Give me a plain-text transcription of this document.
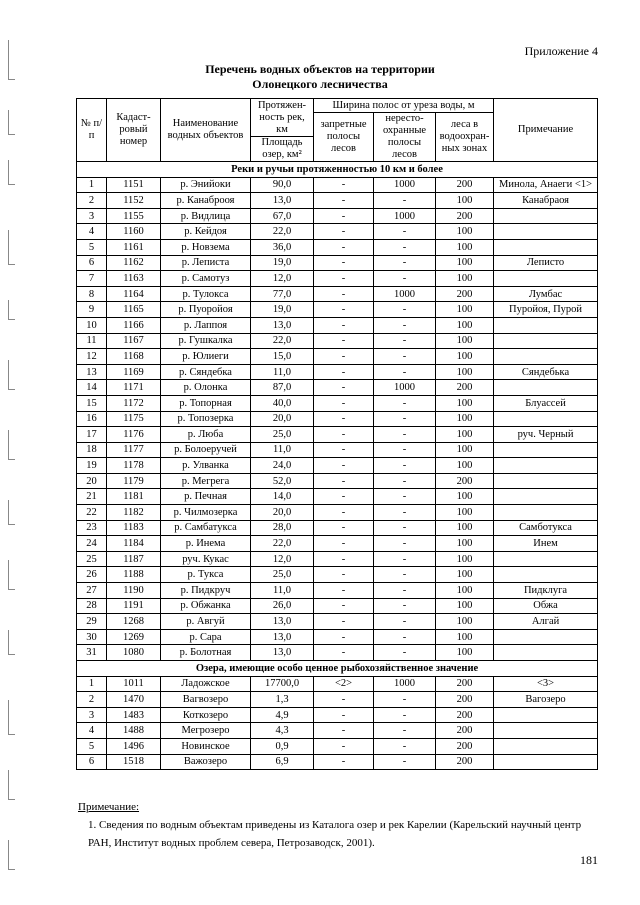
Приложение 4
Перечень водных объектов на территории
Олонецкого лесничества
№ п/п	Кадаст-ровый номер	Наименование водных объектов	Протяжен-ность рек, км	Ширина полос от уреза воды, м			Примечание
				запретные полосы лесов	нересто-охранные полосы лесов	леса в водоохран-ных зонах	
			Площадь озер, км²				
Реки и ручьи протяженностью 10 км и более							
1	1151	р. Энийоки	90,0	-	1000	200	Минола, Анаеги <1>
2	1152	р. Канаброоя	13,0	-	-	100	Канабраоя
3	1155	р. Видлица	67,0	-	1000	200	
4	1160	р. Кейдоя	22,0	-	-	100	
5	1161	р. Новзема	36,0	-	-	100	
6	1162	р. Леписта	19,0	-	-	100	Леписто
7	1163	р. Самотуз	12,0	-	-	100	
8	1164	р. Тулокса	77,0	-	1000	200	Лумбас
9	1165	р. Пуоройоя	19,0	-	-	100	Пуройоя, Пурой
10	1166	р. Лаппоя	13,0	-	-	100	
11	1167	р. Гушкалка	22,0	-	-	100	
12	1168	р. Юлиеги	15,0	-	-	100	
13	1169	р. Сяндебка	11,0	-	-	100	Сяндебька
14	1171	р. Олонка	87,0	-	1000	200	
15	1172	р. Топорная	40,0	-	-	100	Блуассей
16	1175	р. Топозерка	20,0	-	-	100	
17	1176	р. Люба	25,0	-	-	100	руч. Черный
18	1177	р. Болоеручей	11,0	-	-	100	
19	1178	р. Улванка	24,0	-	-	100	
20	1179	р. Мегрега	52,0	-	-	200	
21	1181	р. Печная	14,0	-	-	100	
22	1182	р. Чилмозерка	20,0	-	-	100	
23	1183	р. Самбатукса	28,0	-	-	100	Самботукса
24	1184	р. Инема	22,0	-	-	100	Инем
25	1187	руч. Кукас	12,0	-	-	100	
26	1188	р. Тукса	25,0	-	-	100	
27	1190	р. Пидкруч	11,0	-	-	100	Пидклуга
28	1191	р. Обжанка	26,0	-	-	100	Обжа
29	1268	р. Авгуй	13,0	-	-	100	Алгай
30	1269	р. Сара	13,0	-	-	100	
31	1080	р. Болотная	13,0	-	-	100	
Озера, имеющие особо ценное рыбохозяйственное значение							
1	1011	Ладожское	17700,0	<2>	1000	200	<3>
2	1470	Вагвозеро	1,3	-	-	200	Вагозеро
3	1483	Коткозеро	4,9	-	-	200	
4	1488	Мегрозеро	4,3	-	-	200	
5	1496	Новинское	0,9	-	-	200	
6	1518	Важозеро	6,9	-	-	200	
Примечание:
1. Сведения по водным объектам приведены из Каталога озер и рек Карелии (Карельский научный центр РАН, Институт водных проблем севера, Петрозаводск, 2001).
181
